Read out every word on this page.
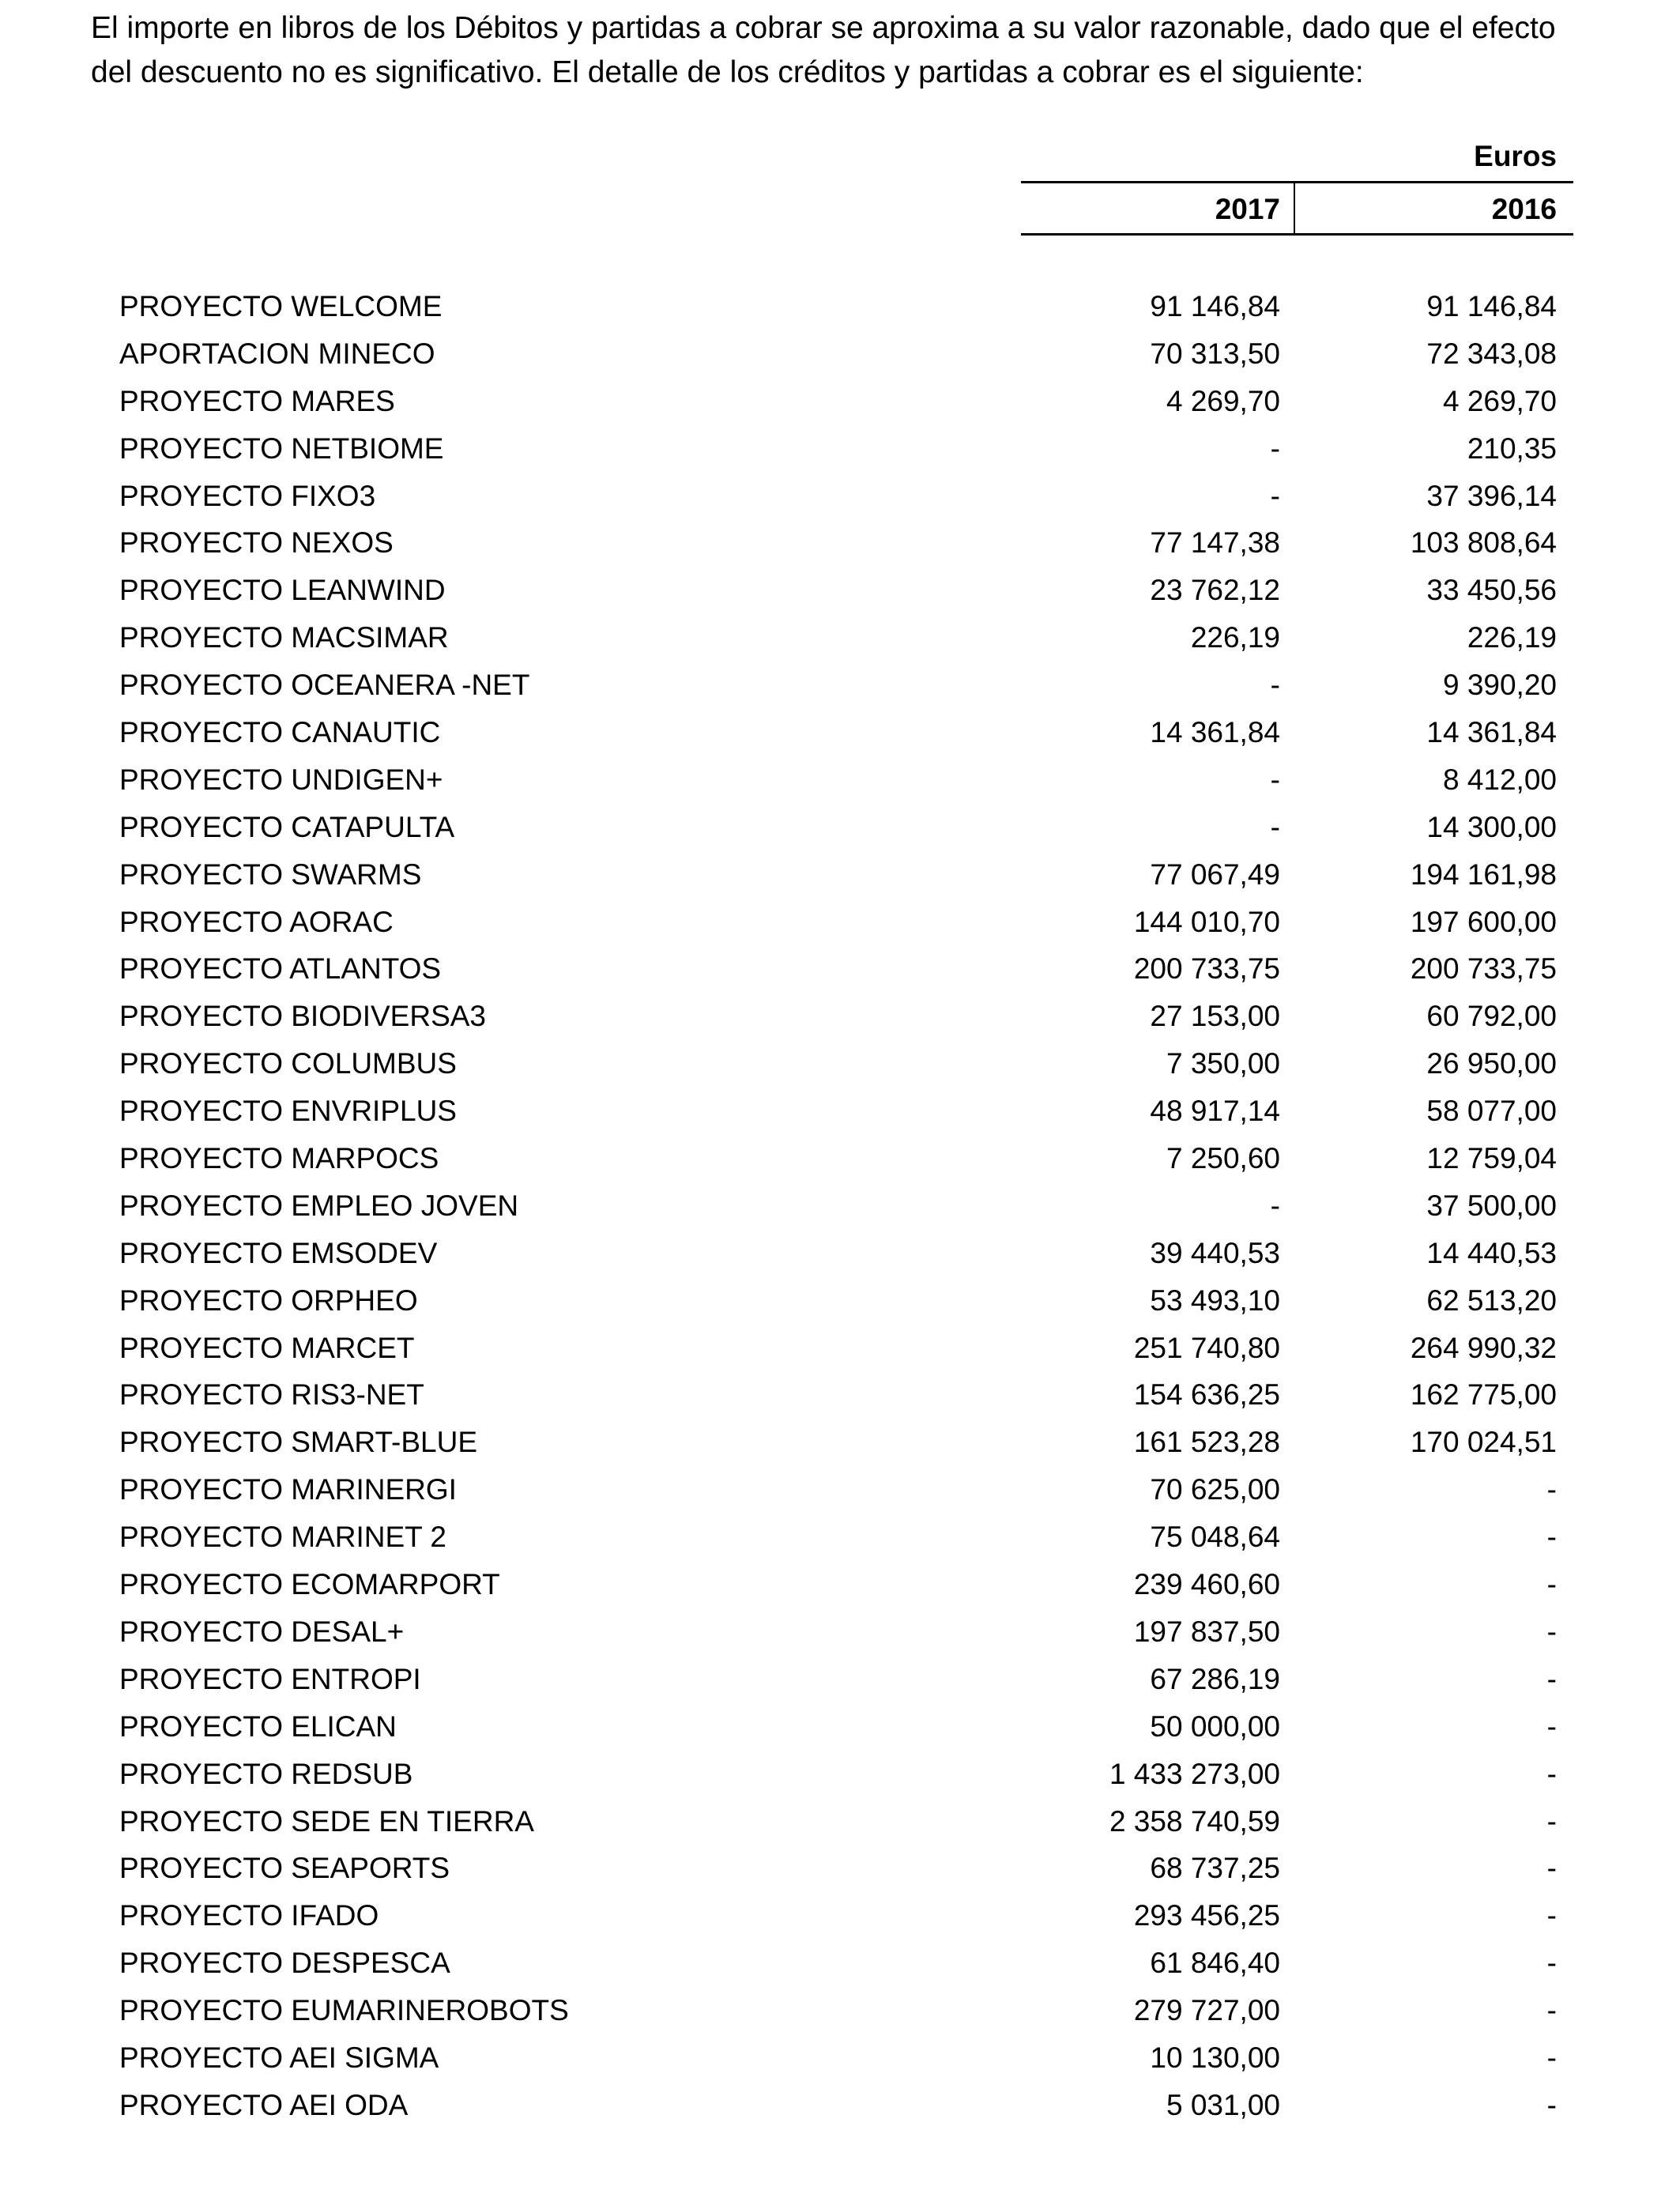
El importe en libros de los Débitos y partidas a cobrar se aproxima a su valor razonable, dado que el efecto del descuento no es significativo. El detalle de los créditos y partidas a cobrar es el siguiente:

Euros
2017	2016
PROYECTO WELCOME	91 146,84	91 146,84
APORTACION MINECO	70 313,50	72 343,08
PROYECTO MARES	4 269,70	4 269,70
PROYECTO NETBIOME	-	210,35
PROYECTO FIXO3	-	37 396,14
PROYECTO NEXOS	77 147,38	103 808,64
PROYECTO LEANWIND	23 762,12	33 450,56
PROYECTO MACSIMAR	226,19	226,19
PROYECTO OCEANERA -NET	-	9 390,20
PROYECTO CANAUTIC	14 361,84	14 361,84
PROYECTO UNDIGEN+	-	8 412,00
PROYECTO CATAPULTA	-	14 300,00
PROYECTO SWARMS	77 067,49	194 161,98
PROYECTO AORAC	144 010,70	197 600,00
PROYECTO ATLANTOS	200 733,75	200 733,75
PROYECTO BIODIVERSA3	27 153,00	60 792,00
PROYECTO COLUMBUS	7 350,00	26 950,00
PROYECTO ENVRIPLUS	48 917,14	58 077,00
PROYECTO MARPOCS	7 250,60	12 759,04
PROYECTO EMPLEO JOVEN	-	37 500,00
PROYECTO EMSODEV	39 440,53	14 440,53
PROYECTO ORPHEO	53 493,10	62 513,20
PROYECTO MARCET	251 740,80	264 990,32
PROYECTO RIS3-NET	154 636,25	162 775,00
PROYECTO SMART-BLUE	161 523,28	170 024,51
PROYECTO MARINERGI	70 625,00	-
PROYECTO MARINET 2	75 048,64	-
PROYECTO ECOMARPORT	239 460,60	-
PROYECTO DESAL+	197 837,50	-
PROYECTO ENTROPI	67 286,19	-
PROYECTO ELICAN	50 000,00	-
PROYECTO REDSUB	1 433 273,00	-
PROYECTO SEDE EN TIERRA	2 358 740,59	-
PROYECTO SEAPORTS	68 737,25	-
PROYECTO IFADO	293 456,25	-
PROYECTO DESPESCA	61 846,40	-
PROYECTO EUMARINEROBOTS	279 727,00	-
PROYECTO AEI SIGMA	10 130,00	-
PROYECTO AEI ODA	5 031,00	-
